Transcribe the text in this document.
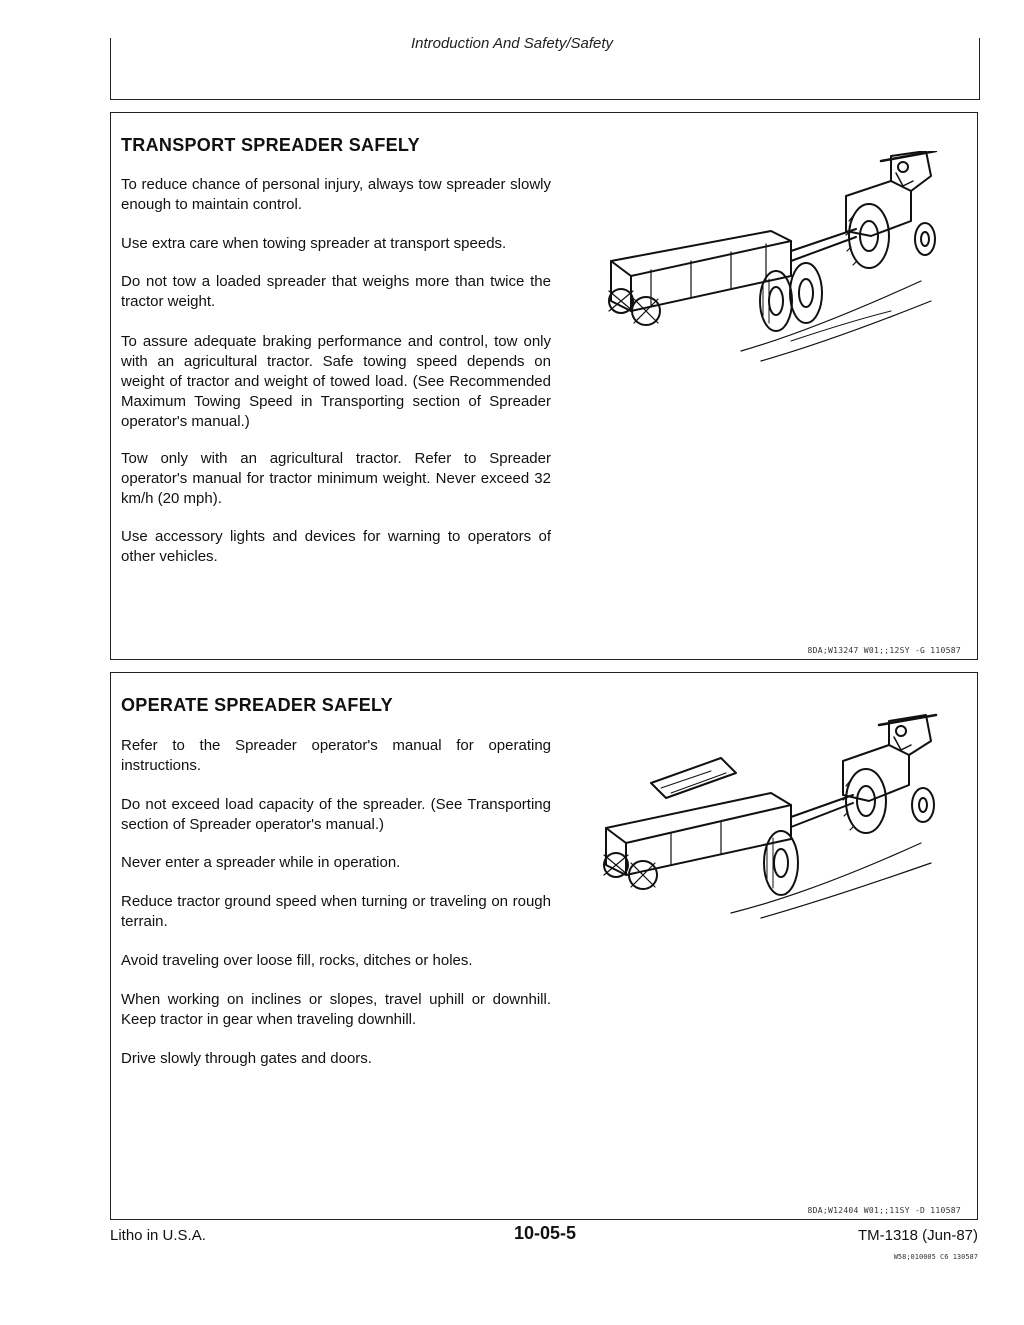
Introduction And Safety/Safety
TRANSPORT SPREADER SAFELY

To reduce chance of personal injury, always tow spreader slowly enough to maintain control.

Use extra care when towing spreader at transport speeds.

Do not tow a loaded spreader that weighs more than twice the tractor weight.

To assure adequate braking performance and control, tow only with an agricultural tractor. Safe towing speed depends on weight of tractor and weight of towed load. (See Recommended Maximum Towing Speed in Transporting section of Spreader operator's manual.)

Tow only with an agricultural tractor. Refer to Spreader operator's manual for tractor minimum weight. Never exceed 32 km/h (20 mph).

Use accessory lights and devices for warning to operators of other vehicles.

8DA;W13247 W01;;12SY -G 110587
OPERATE SPREADER SAFELY

Refer to the Spreader operator's manual for operating instructions.

Do not exceed load capacity of the spreader. (See Transporting section of Spreader operator's manual.)

Never enter a spreader while in operation.

Reduce tractor ground speed when turning or traveling on rough terrain.

Avoid traveling over loose fill, rocks, ditches or holes.

When working on inclines or slopes, travel uphill or downhill. Keep tractor in gear when traveling downhill.

Drive slowly through gates and doors.

8DA;W12404 W01;;11SY -D 110587
Litho in U.S.A.	10-05-5	TM-1318 (Jun-87)
W58;010005 C6 130587
